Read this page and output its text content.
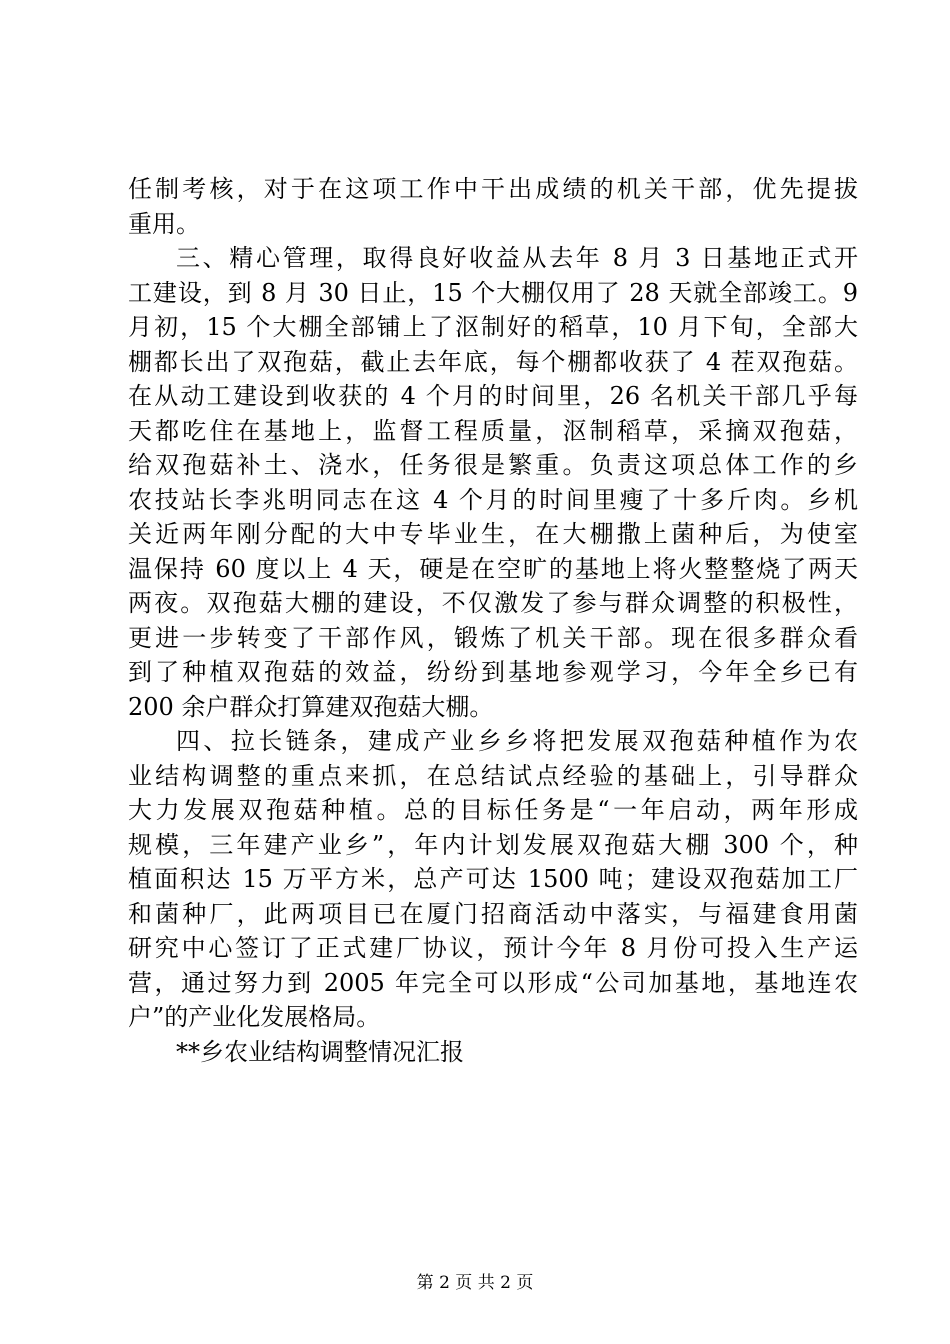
任制考核，对于在这项工作中干出成绩的机关干部，优先提拔
重用。
三、精心管理，取得良好收益从去年 8 月 3 日基地正式开
工建设，到 8 月 30 日止，15 个大棚仅用了 28 天就全部竣工。9
月初，15 个大棚全部铺上了沤制好的稻草，10 月下旬，全部大
棚都长出了双孢菇，截止去年底，每个棚都收获了 4 茬双孢菇。
在从动工建设到收获的 4 个月的时间里，26 名机关干部几乎每
天都吃住在基地上，监督工程质量，沤制稻草，采摘双孢菇，
给双孢菇补土、浇水，任务很是繁重。负责这项总体工作的乡
农技站长李兆明同志在这 4 个月的时间里瘦了十多斤肉。乡机
关近两年刚分配的大中专毕业生，在大棚撒上菌种后，为使室
温保持 60 度以上 4 天，硬是在空旷的基地上将火整整烧了两天
两夜。双孢菇大棚的建设，不仅激发了参与群众调整的积极性，
更进一步转变了干部作风，锻炼了机关干部。现在很多群众看
到了种植双孢菇的效益，纷纷到基地参观学习，今年全乡已有
200 余户群众打算建双孢菇大棚。
四、拉长链条，建成产业乡乡将把发展双孢菇种植作为农
业结构调整的重点来抓，在总结试点经验的基础上，引导群众
大力发展双孢菇种植。总的目标任务是“一年启动，两年形成
规模，三年建产业乡”，年内计划发展双孢菇大棚 300 个，种
植面积达 15 万平方米，总产可达 1500 吨；建设双孢菇加工厂
和菌种厂，此两项目已在厦门招商活动中落实，与福建食用菌
研究中心签订了正式建厂协议，预计今年 8 月份可投入生产运
营，通过努力到 2005 年完全可以形成“公司加基地，基地连农
户”的产业化发展格局。
**乡农业结构调整情况汇报
第 2 页 共 2 页
